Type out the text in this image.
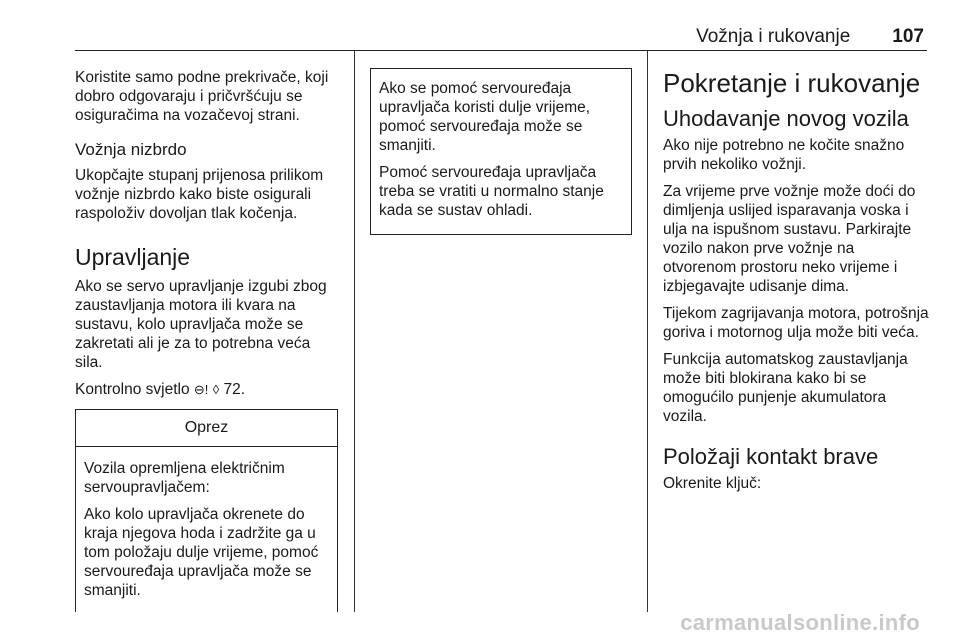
Vožnja i rukovanje 107

Koristite samo podne prekrivače, koji dobro odgovaraju i pričvršćuju se osiguračima na vozačevoj strani.

Vožnja nizbrdo

Ukopčajte stupanj prijenosa prilikom vožnje nizbrdo kako biste osigurali raspoloživ dovoljan tlak kočenja.

Upravljanje

Ako se servo upravljanje izgubi zbog zaustavljanja motora ili kvara na sustavu, kolo upravljača može se zakretati ali je za to potrebna veća sila.

Kontrolno svjetlo ⊖! ◊ 72.

Oprez

Vozila opremljena električnim servoupravljačem:

Ako kolo upravljača okrenete do kraja njegova hoda i zadržite ga u tom položaju dulje vrijeme, pomoć servouređaja upravljača može se smanjiti.

Ako se pomoć servouređaja upravljača koristi dulje vrijeme, pomoć servouređaja može se smanjiti.

Pomoć servouređaja upravljača treba se vratiti u normalno stanje kada se sustav ohladi.

Pokretanje i rukovanje
Uhodavanje novog vozila

Ako nije potrebno ne kočite snažno prvih nekoliko vožnji.

Za vrijeme prve vožnje može doći do dimljenja uslijed isparavanja voska i ulja na ispušnom sustavu. Parkirajte vozilo nakon prve vožnje na otvorenom prostoru neko vrijeme i izbjegavajte udisanje dima.

Tijekom zagrijavanja motora, potrošnja goriva i motornog ulja može biti veća.

Funkcija automatskog zaustavljanja može biti blokirana kako bi se omogućilo punjenje akumulatora vozila.

Položaji kontakt brave

Okrenite ključ:

carmanualsonline.info
